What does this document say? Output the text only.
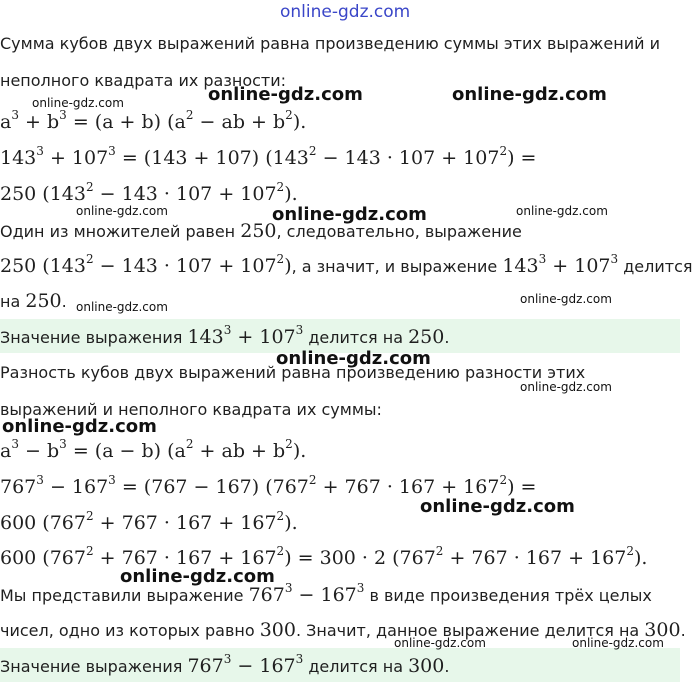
online-gdz.com
Сумма кубов двух выражений равна произведению суммы этих выражений и
неполного квадрата их разности:
$a^3 + b^3 = (a + b) (a^2$ − ab + $b^2$).
$143^3 + 107^3 = (143 + 107) (143^2 - 143 \cdot 107 + 107^2)$ =
250 $(143^2 - 143 \cdot 107 + 107^2)$.
Один из множителей равен 250, следовательно, выражение
250 $(143^2 - 143 \cdot 107 + 107^2)$, а значит, и выражение $143^3 + 107^3$ делится
на 250.
Значение выражения $143^3 + 107^3$ делится на 250.
Разность кубов двух выражений равна произведению разности этих
выражений и неполного квадрата их суммы:
$a^3 - b^3 = (a - b) (a^2$ + ab + $b^2$).
$767^3 - 167^3 = (767 - 167) (767^2 + 767 \cdot 167 + 167^2)$ =
600 $(767^2 + 767 \cdot 167 + 167^2)$.
600 $(767^2 + 767 \cdot 167 + 167^2) = 300 \cdot 2$ $(767^2 + 767 \cdot 167 + 167^2)$.
Мы представили выражение $767^3 - 167^3$ в виде произведения трёх целых
чисел, одно из которых равно 300. Значит, данное выражение делится на 300.
Значение выражения $767^3 - 167^3$ делится на 300.
online-gdz.com	online-gdz.com	online-gdz.com
online-gdz.com	online-gdz.com	online-gdz.com
online-gdz.com
online-gdz.com
online-gdz.com
online-gdz.com
online-gdz.com
online-gdz.com
online-gdz.com
online-gdz.com	online-gdz.com
